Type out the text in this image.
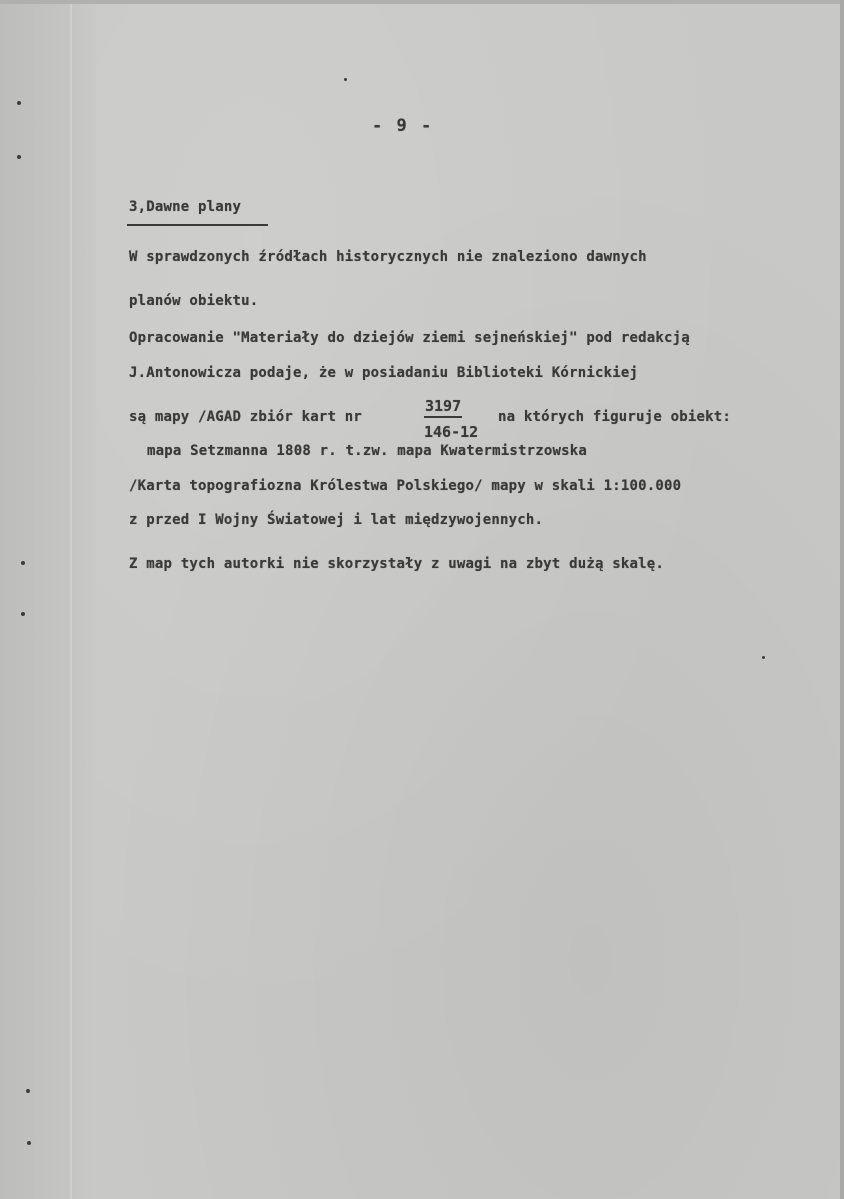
- 9 -
3,Dawne plany
W sprawdzonych źródłach historycznych nie znaleziono dawnych
planów obiektu.
Opracowanie "Materiały do dziejów ziemi sejneńskiej" pod redakcją
J.Antonowicza podaje, że w posiadaniu Biblioteki Kórnickiej
są mapy /AGAD zbiór kart nr
3197
146-12
na których figuruje obiekt:
mapa Setzmanna 1808 r. t.zw. mapa Kwatermistrzowska
/Karta topografiozna Królestwa Polskiego/ mapy w skali 1:100.000
z przed I Wojny Światowej i lat międzywojennych.
Z map tych autorki nie skorzystały z uwagi na zbyt dużą skalę.
